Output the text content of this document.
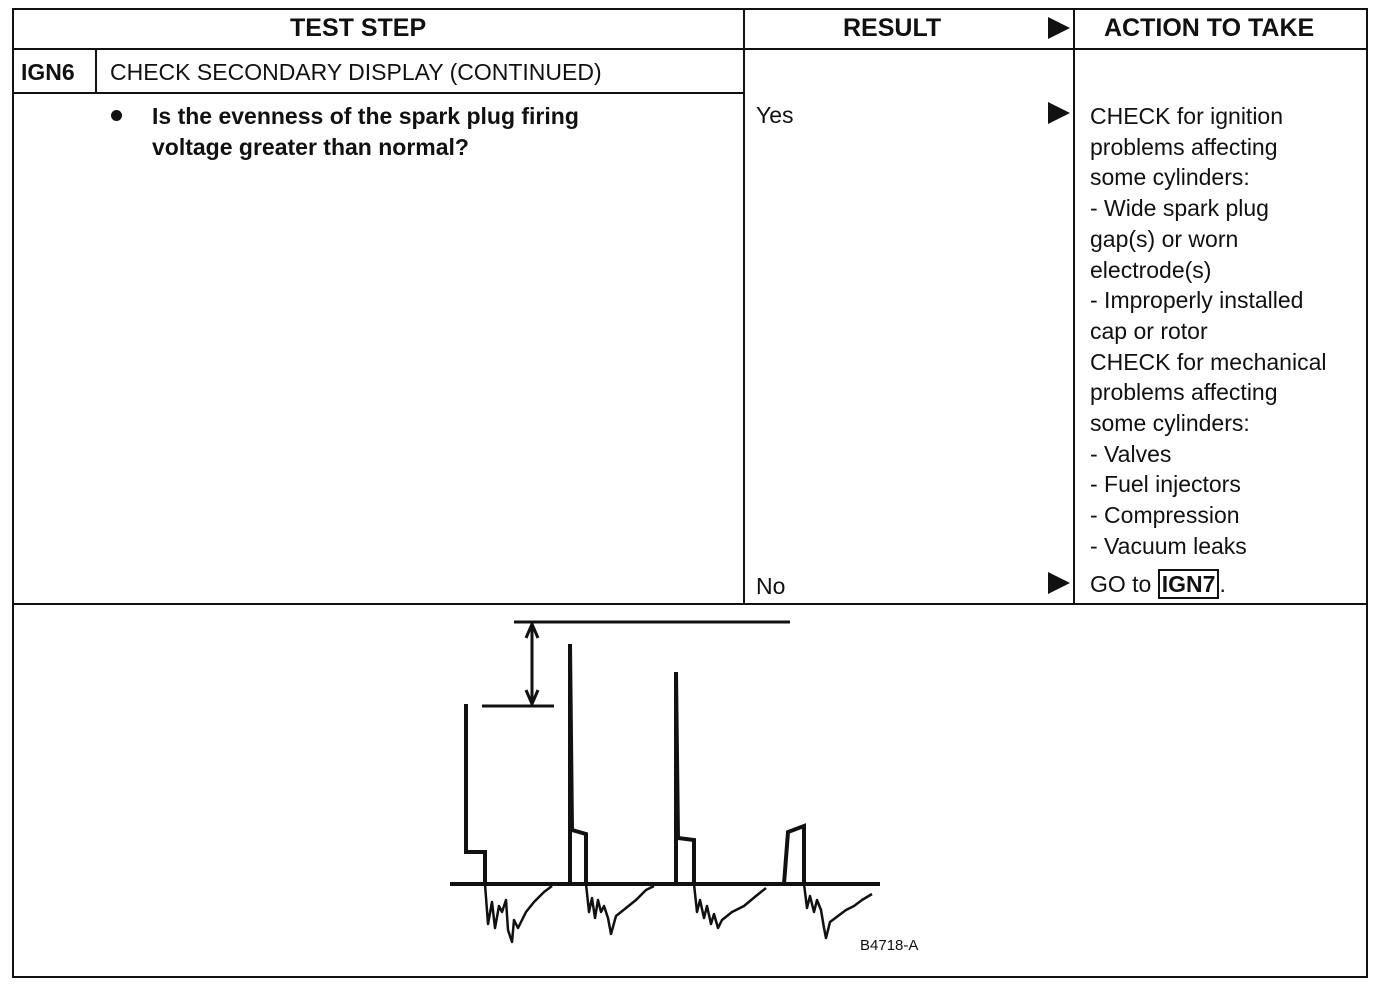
TEST STEP	RESULT	ACTION TO TAKE
IGN6 CHECK SECONDARY DISPLAY (CONTINUED)
Is the evenness of the spark plug firing
voltage greater than normal?
Yes
No
CHECK for ignition
problems affecting
some cylinders:
- Wide spark plug
gap(s) or worn
electrode(s)
- Improperly installed
cap or rotor
CHECK for mechanical
problems affecting
some cylinders:
- Valves
- Fuel injectors
- Compression
- Vacuum leaks
GO to IGN7 .
B4718-A
